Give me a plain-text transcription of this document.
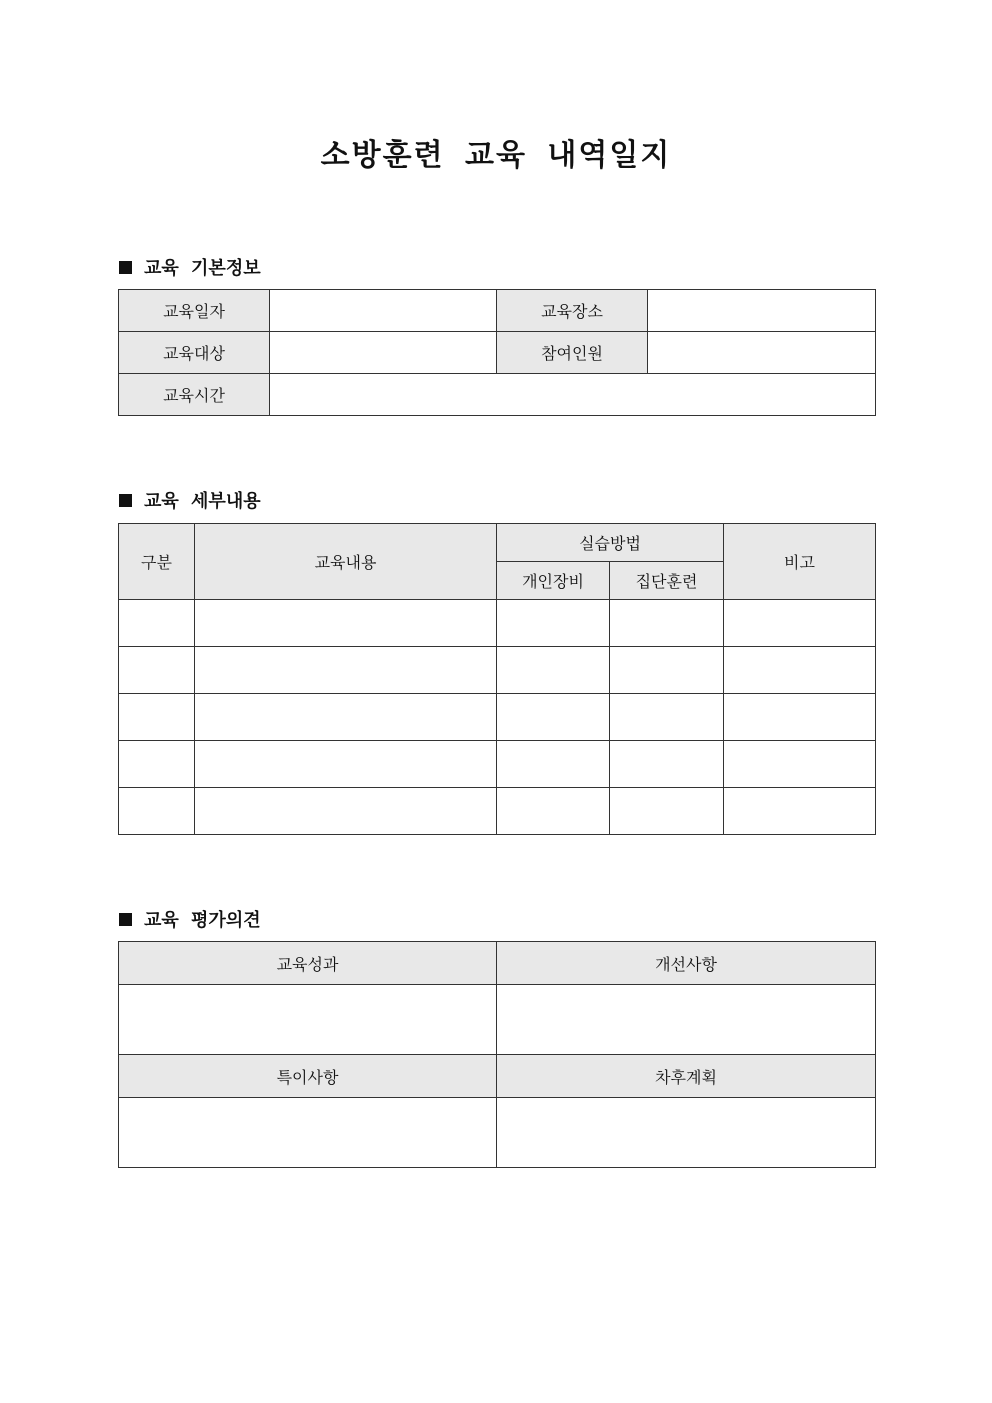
소방훈련 교육 내역일지
교육 기본정보
교육일자		교육장소	
교육대상		참여인원	
교육시간			
교육 세부내용
구분	교육내용	실습방법		비고
		개인장비	집단훈련	

교육 평가의견
교육성과	개선사항

특이사항	차후계획
